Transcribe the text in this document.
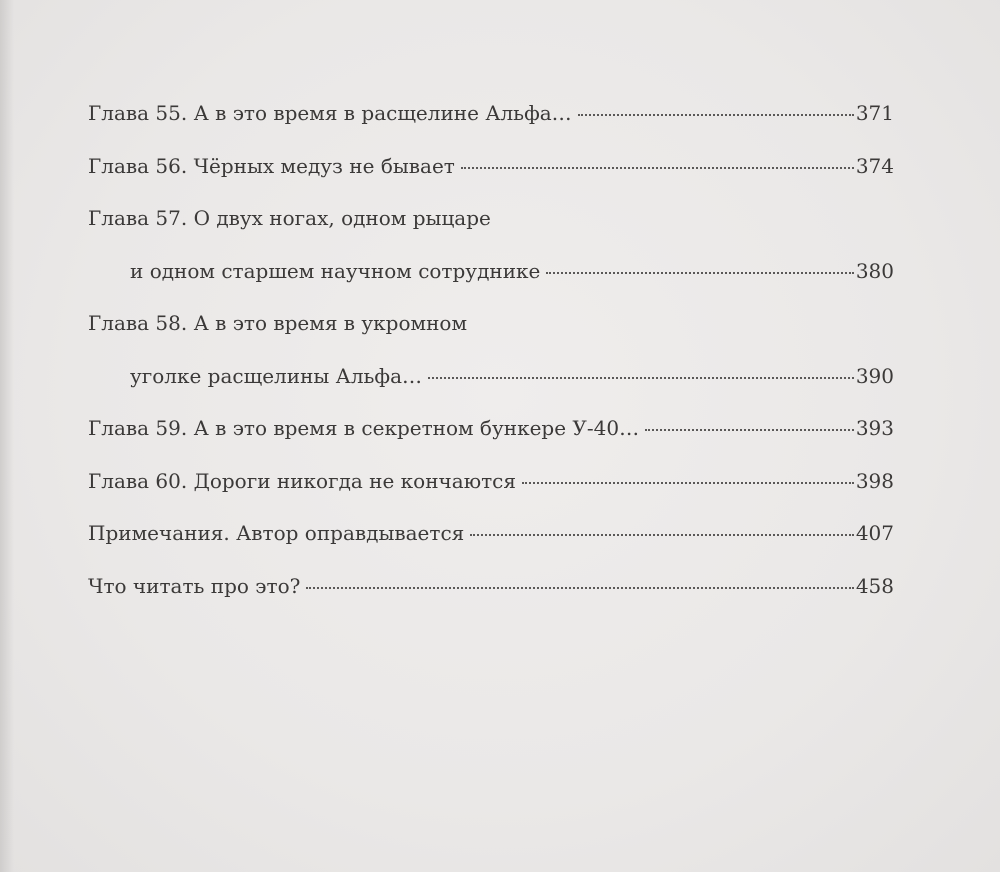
Глава 55. А в это время в расщелине Альфа…	371
Глава 56. Чёрных медуз не бывает	374
Глава 57. О двух ногах, одном рыцаре
и одном старшем научном сотруднике	380
Глава 58. А в это время в укромном
уголке расщелины Альфа…	390
Глава 59. А в это время в секретном бункере У-40…	393
Глава 60. Дороги никогда не кончаются	398
Примечания. Автор оправдывается	407
Что читать про это?	458
